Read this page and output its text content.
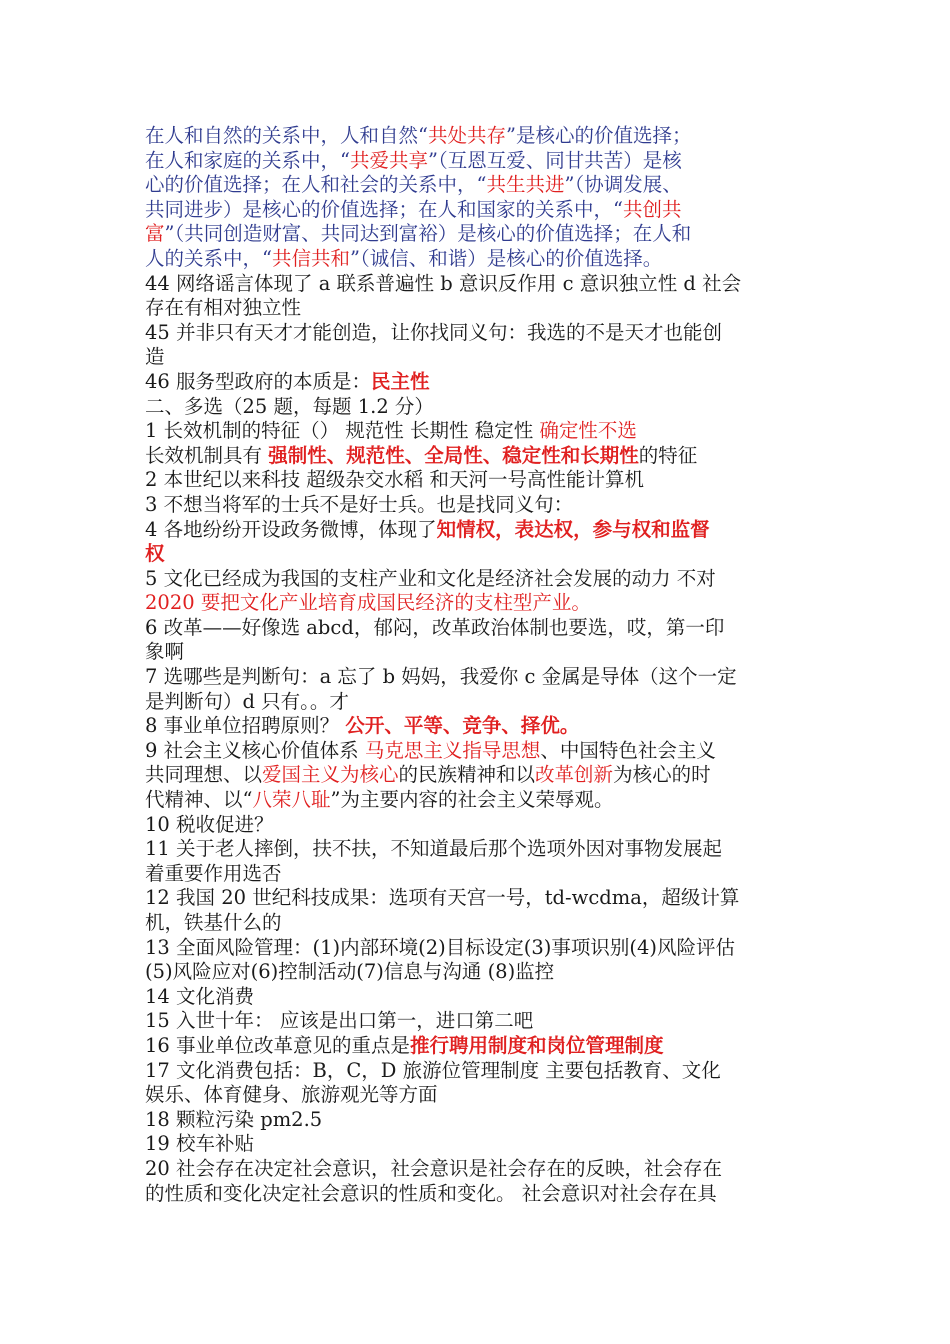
在人和自然的关系中，人和自然“共处共存”是核心的价值选择；
在人和家庭的关系中，“共爱共享”（互恩互爱、同甘共苦）是核
心的价值选择；在人和社会的关系中，“共生共进”（协调发展、
共同进步）是核心的价值选择；在人和国家的关系中，“共创共
富”（共同创造财富、共同达到富裕）是核心的价值选择；在人和
人的关系中，“共信共和”（诚信、和谐）是核心的价值选择。
44 网络谣言体现了 a 联系普遍性 b 意识反作用 c 意识独立性 d 社会
存在有相对独立性
45 并非只有天才才能创造，让你找同义句：我选的不是天才也能创
造
46 服务型政府的本质是：民主性
二、多选（25 题，每题 1.2 分）
1 长效机制的特征（） 规范性 长期性 稳定性 确定性不选
长效机制具有 强制性、规范性、全局性、稳定性和长期性的特征
2 本世纪以来科技 超级杂交水稻 和天河一号高性能计算机
3 不想当将军的士兵不是好士兵。也是找同义句：
4 各地纷纷开设政务微博，体现了知情权，表达权，参与权和监督
权
5 文化已经成为我国的支柱产业和文化是经济社会发展的动力 不对
2020 要把文化产业培育成国民经济的支柱型产业。
6 改革——好像选 abcd，郁闷，改革政治体制也要选，哎，第一印
象啊
7 选哪些是判断句：a 忘了 b 妈妈，我爱你 c 金属是导体（这个一定
是判断句）d 只有。。才
8 事业单位招聘原则？ 公开、平等、竞争、择优。
9 社会主义核心价值体系 马克思主义指导思想、中国特色社会主义
共同理想、以爱国主义为核心的民族精神和以改革创新为核心的时
代精神、以“八荣八耻”为主要内容的社会主义荣辱观。
10 税收促进？
11 关于老人摔倒，扶不扶，不知道最后那个选项外因对事物发展起
着重要作用选否
12 我国 20 世纪科技成果：选项有天宫一号，td-wcdma，超级计算
机，铁基什么的
13 全面风险管理：(1)内部环境(2)目标设定(3)事项识别(4)风险评估
(5)风险应对(6)控制活动(7)信息与沟通 (8)监控
14 文化消费
15 入世十年： 应该是出口第一，进口第二吧
16 事业单位改革意见的重点是推行聘用制度和岗位管理制度
17 文化消费包括：B，C，D 旅游位管理制度 主要包括教育、文化
娱乐、体育健身、旅游观光等方面
18 颗粒污染 pm2.5
19 校车补贴
20 社会存在决定社会意识，社会意识是社会存在的反映，社会存在
的性质和变化决定社会意识的性质和变化。 社会意识对社会存在具
